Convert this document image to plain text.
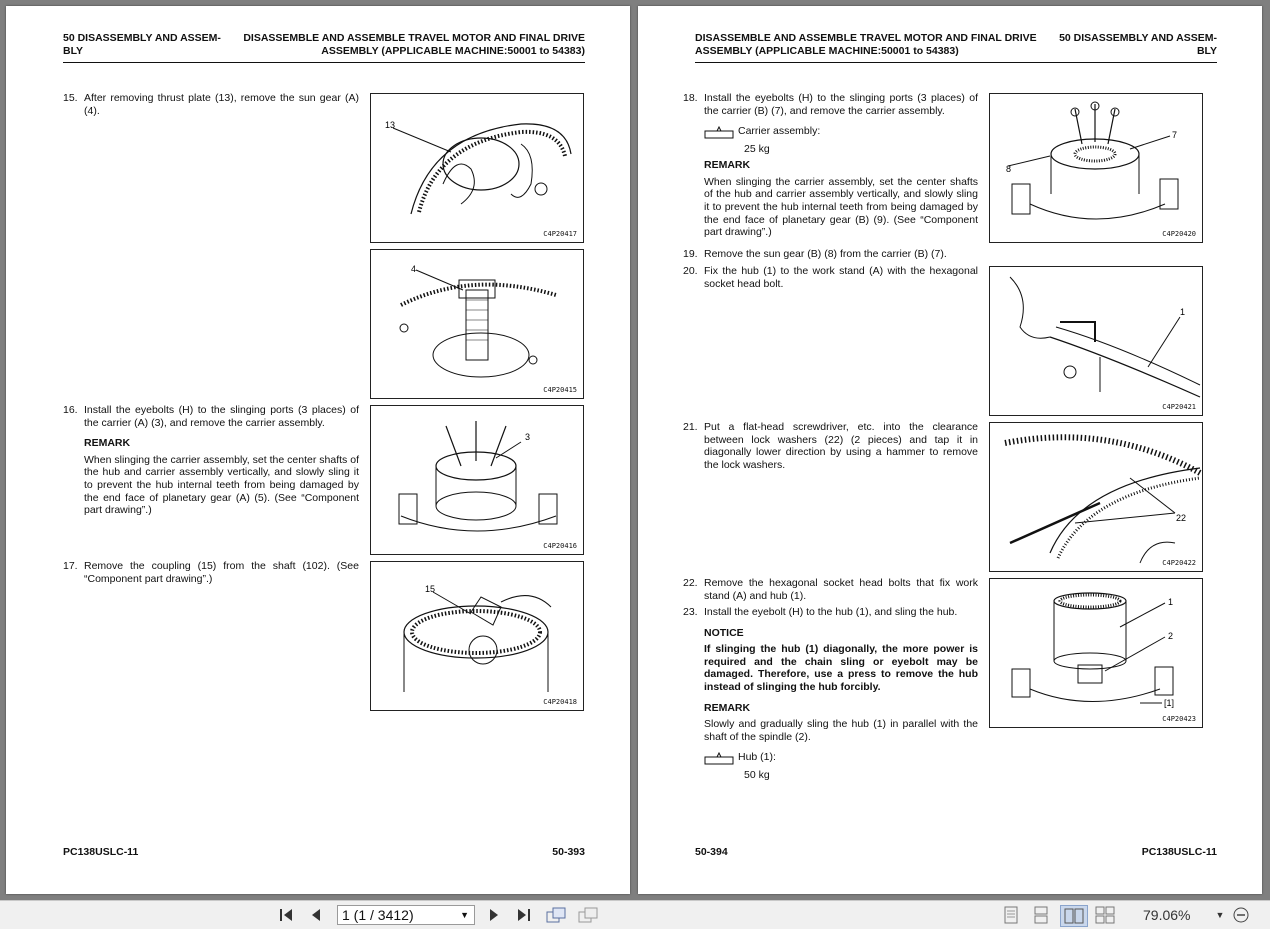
50 DISASSEMBLY AND ASSEM-
BLY
DISASSEMBLE AND ASSEMBLE TRAVEL MOTOR AND FINAL DRIVE ASSEMBLY (APPLICABLE MACHINE:50001 to 54383)
15. After removing thrust plate (13), remove the sun gear (A) (4).
16. Install the eyebolts (H) to the slinging ports (3 places) of the carrier (A) (3), and remove the carrier assembly.
REMARK
When slinging the carrier assembly, set the center shafts of the hub and carrier assembly vertically, and slowly sling it to prevent the hub internal teeth from being damaged by the end face of planetary gear (A) (5). (See “Component part drawing”.)
17. Remove the coupling (15) from the shaft (102). (See “Component part drawing”.)
13
C4P20417
4
C4P20415
3
C4P20416
15
C4P20418
PC138USLC-11	50-393
DISASSEMBLE AND ASSEMBLE TRAVEL MOTOR AND FINAL DRIVE ASSEMBLY (APPLICABLE MACHINE:50001 to 54383)
50 DISASSEMBLY AND ASSEM- BLY
18. Install the eyebolts (H) to the slinging ports (3 places) of the carrier (B) (7), and remove the carrier assembly.
Carrier assembly:
25 kg
REMARK
When slinging the carrier assembly, set the center shafts of the hub and carrier assembly vertically, and slowly sling it to prevent the hub internal teeth from being damaged by the end face of planetary gear (B) (9). (See “Component part drawing”.)
19. Remove the sun gear (B) (8) from the carrier (B) (7).
20. Fix the hub (1) to the work stand (A) with the hexagonal socket head bolt.
21. Put a flat-head screwdriver, etc. into the clearance between lock washers (22) (2 pieces) and tap it in diagonally lower direction by using a hammer to remove the lock washers.
22. Remove the hexagonal socket head bolts that fix work stand (A) and hub (1).
23. Install the eyebolt (H) to the hub (1), and sling the hub.
NOTICE
If slinging the hub (1) diagonally, the more power is required and the chain sling or eyebolt may be damaged. Therefore, use a press to remove the hub instead of slinging the hub forcibly.
REMARK
Slowly and gradually sling the hub (1) in parallel with the shaft of the spindle (2).
Hub (1):
50 kg
7
8
C4P20420
1
C4P20421
22
C4P20422
1
2
[1]
C4P20423
50-394	PC138USLC-11
1 (1 / 3412)	▼	79.06%	▼
